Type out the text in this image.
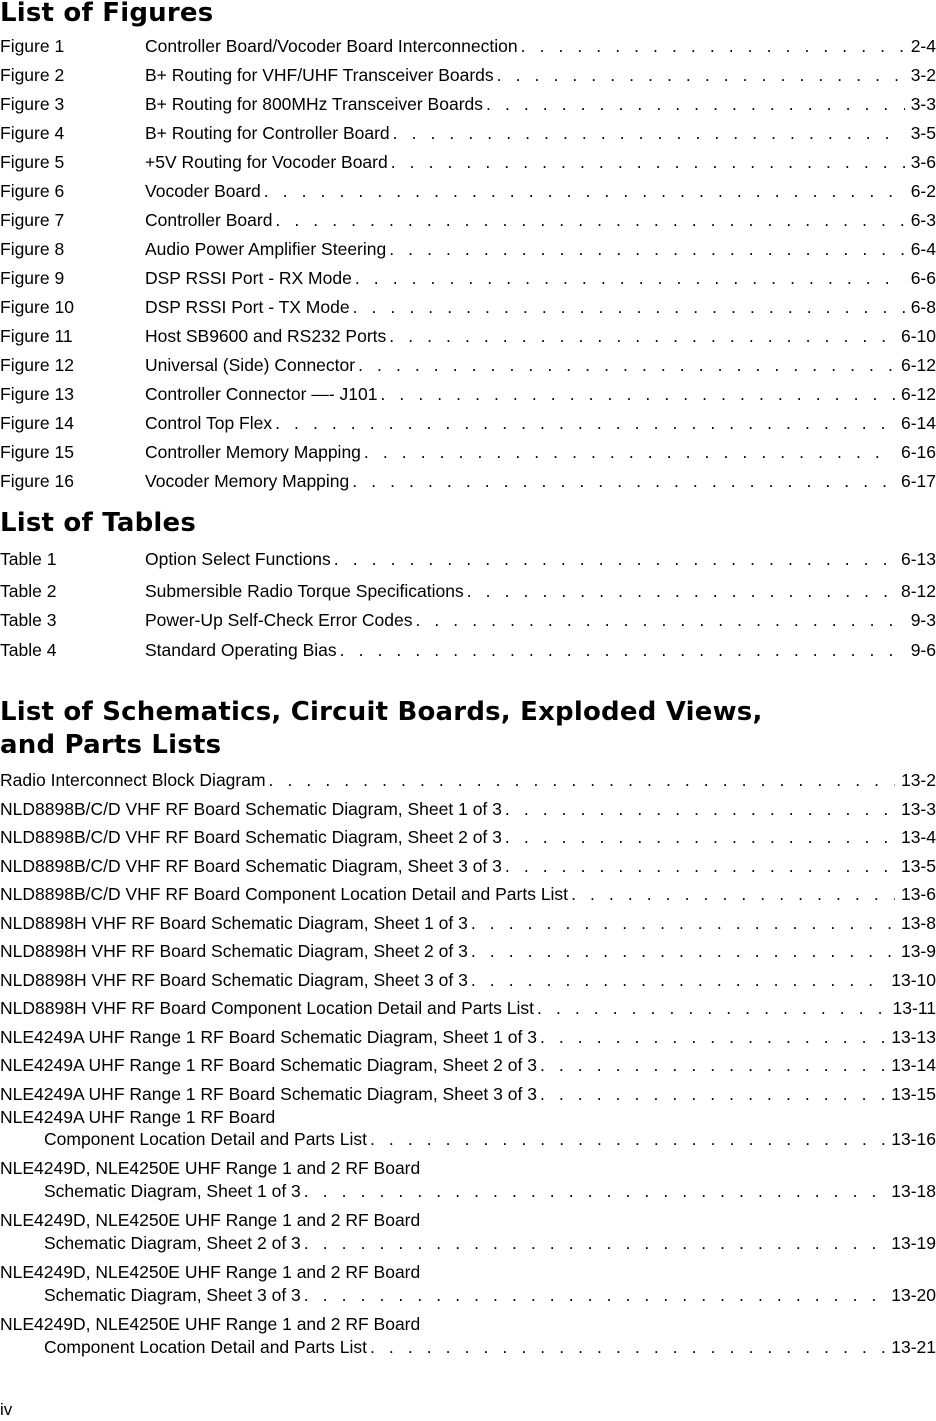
List of Figures
Figure 1	Controller Board/Vocoder Board Interconnection . . .	2-4
Figure 2	B+ Routing for VHF/UHF Transceiver Boards . . .	3-2
Figure 3	B+ Routing for 800MHz Transceiver Boards . . .	3-3
Figure 4	B+ Routing for Controller Board . . .	3-5
Figure 5	+5V Routing for Vocoder Board . . .	3-6
Figure 6	Vocoder Board . . .	6-2
Figure 7	Controller Board . . .	6-3
Figure 8	Audio Power Amplifier Steering . . .	6-4
Figure 9	DSP RSSI Port - RX Mode . . .	6-6
Figure 10	DSP RSSI Port - TX Mode . . .	6-8
Figure 11	Host SB9600 and RS232 Ports . . .	6-10
Figure 12	Universal (Side) Connector . . .	6-12
Figure 13	Controller Connector —- J101 . . .	6-12
Figure 14	Control Top Flex . . .	6-14
Figure 15	Controller Memory Mapping . . .	6-16
Figure 16	Vocoder Memory Mapping . . .	6-17
List of Tables
Table 1	Option Select Functions . . .	6-13
Table 2	Submersible Radio Torque Specifications . . .	8-12
Table 3	Power-Up Self-Check Error Codes . . .	9-3
Table 4	Standard Operating Bias . . .	9-6
List of Schematics, Circuit Boards, Exploded Views,
and Parts Lists
Radio Interconnect Block Diagram . . .	13-2
NLD8898B/C/D VHF RF Board Schematic Diagram, Sheet 1 of 3 . . .	13-3
NLD8898B/C/D VHF RF Board Schematic Diagram, Sheet 2 of 3 . . .	13-4
NLD8898B/C/D VHF RF Board Schematic Diagram, Sheet 3 of 3 . . .	13-5
NLD8898B/C/D VHF RF Board Component Location Detail and Parts List . . .	13-6
NLD8898H VHF RF Board Schematic Diagram, Sheet 1 of 3 . . .	13-8
NLD8898H VHF RF Board Schematic Diagram, Sheet 2 of 3 . . .	13-9
NLD8898H VHF RF Board Schematic Diagram, Sheet 3 of 3 . . .	13-10
NLD8898H VHF RF Board Component Location Detail and Parts List . . .	13-11
NLE4249A UHF Range 1 RF Board Schematic Diagram, Sheet 1 of 3 . . .	13-13
NLE4249A UHF Range 1 RF Board Schematic Diagram, Sheet 2 of 3 . . .	13-14
NLE4249A UHF Range 1 RF Board Schematic Diagram, Sheet 3 of 3 . . .	13-15
NLE4249A UHF Range 1 RF Board
Component Location Detail and Parts List . . .	13-16
NLE4249D, NLE4250E UHF Range 1 and 2 RF Board
Schematic Diagram, Sheet 1 of 3 . . .	13-18
NLE4249D, NLE4250E UHF Range 1 and 2 RF Board
Schematic Diagram, Sheet 2 of 3 . . .	13-19
NLE4249D, NLE4250E UHF Range 1 and 2 RF Board
Schematic Diagram, Sheet 3 of 3 . . .	13-20
NLE4249D, NLE4250E UHF Range 1 and 2 RF Board
Component Location Detail and Parts List . . .	13-21
iv
